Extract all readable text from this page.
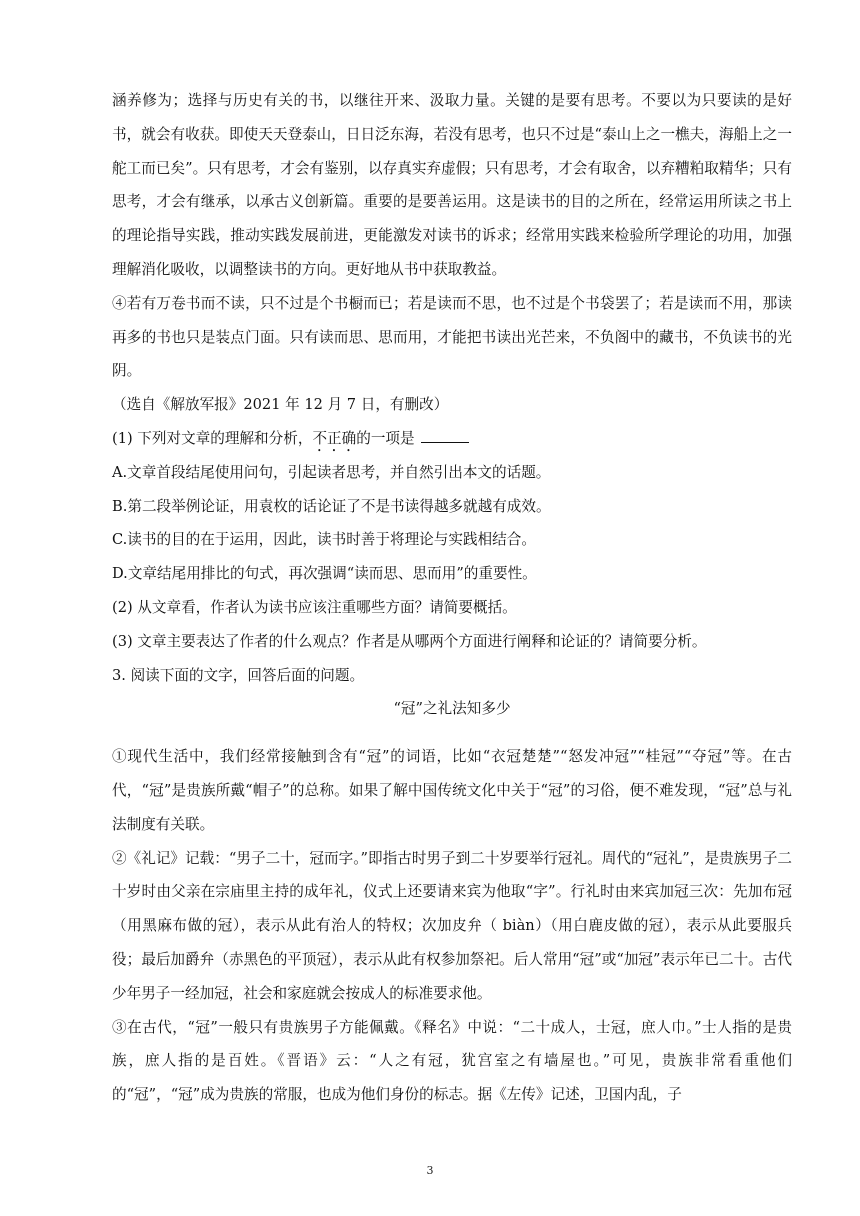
涵养修为；选择与历史有关的书，以继往开来、汲取力量。关键的是要有思考。不要以为只要读的是好书，就会有收获。即使天天登泰山，日日泛东海，若没有思考，也只不过是“泰山上之一樵夫，海船上之一舵工而已矣”。只有思考，才会有鉴别，以存真实弃虚假；只有思考，才会有取舍，以弃糟粕取精华；只有思考，才会有继承，以承古义创新篇。重要的是要善运用。这是读书的目的之所在，经常运用所读之书上的理论指导实践，推动实践发展前进，更能激发对读书的诉求；经常用实践来检验所学理论的功用，加强理解消化吸收，以调整读书的方向。更好地从书中获取教益。

④若有万卷书而不读，只不过是个书橱而已；若是读而不思，也不过是个书袋罢了；若是读而不用，那读再多的书也只是装点门面。只有读而思、思而用，才能把书读出光芒来，不负阁中的藏书，不负读书的光阴。

（选自《解放军报》2021 年 12 月 7 日，有删改）

(1) 下列对文章的理解和分析，不正确的一项是

A.文章首段结尾使用问句，引起读者思考，并自然引出本文的话题。

B.第二段举例论证，用袁枚的话论证了不是书读得越多就越有成效。

C.读书的目的在于运用，因此，读书时善于将理论与实践相结合。

D.文章结尾用排比的句式，再次强调“读而思、思而用”的重要性。

(2) 从文章看，作者认为读书应该注重哪些方面？请简要概括。

(3) 文章主要表达了作者的什么观点？作者是从哪两个方面进行阐释和论证的？请简要分析。

3. 阅读下面的文字，回答后面的问题。

“冠”之礼法知多少

①现代生活中，我们经常接触到含有“冠”的词语，比如“衣冠楚楚”“怒发冲冠”“桂冠”“夺冠”等。在古代，“冠”是贵族所戴“帽子”的总称。如果了解中国传统文化中关于“冠”的习俗，便不难发现，“冠”总与礼法制度有关联。

②《礼记》记载：“男子二十，冠而字。”即指古时男子到二十岁要举行冠礼。周代的“冠礼”，是贵族男子二十岁时由父亲在宗庙里主持的成年礼，仪式上还要请来宾为他取“字”。行礼时由来宾加冠三次：先加布冠（用黑麻布做的冠），表示从此有治人的特权；次加皮弁（ biàn）（用白鹿皮做的冠），表示从此要服兵役；最后加爵弁（赤黑色的平顶冠），表示从此有权参加祭祀。后人常用“冠”或“加冠”表示年已二十。古代少年男子一经加冠，社会和家庭就会按成人的标准要求他。

③在古代，“冠”一般只有贵族男子方能佩戴。《释名》中说：“二十成人，士冠，庶人巾。”士人指的是贵族，庶人指的是百姓。《晋语》云：“人之有冠，犹宫室之有墙屋也。”可见，贵族非常看重他们的“冠”，“冠”成为贵族的常服，也成为他们身份的标志。据《左传》记述，卫国内乱，子

3
